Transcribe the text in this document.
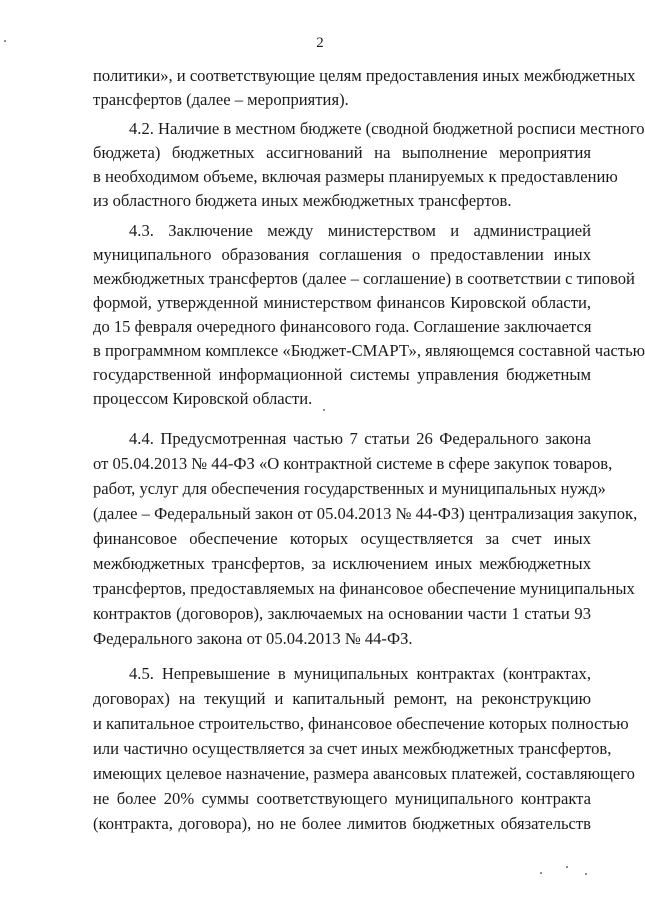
2
политики», и соответствующие целям предоставления иных межбюджетных
трансфертов (далее – мероприятия).
4.2. Наличие в местном бюджете (сводной бюджетной росписи местного
бюджета) бюджетных ассигнований на выполнение мероприятия
в необходимом объеме, включая размеры планируемых к предоставлению
из областного бюджета иных межбюджетных трансфертов.
4.3. Заключение между министерством и администрацией
муниципального образования соглашения о предоставлении иных
межбюджетных трансфертов (далее – соглашение) в соответствии с типовой
формой, утвержденной министерством финансов Кировской области,
до 15 февраля очередного финансового года. Соглашение заключается
в программном комплексе «Бюджет-СМАРТ», являющемся составной частью
государственной информационной системы управления бюджетным
процессом Кировской области.
4.4. Предусмотренная частью 7 статьи 26 Федерального закона
от 05.04.2013 № 44-ФЗ «О контрактной системе в сфере закупок товаров,
работ, услуг для обеспечения государственных и муниципальных нужд»
(далее – Федеральный закон от 05.04.2013 № 44-ФЗ) централизация закупок,
финансовое обеспечение которых осуществляется за счет иных
межбюджетных трансфертов, за исключением иных межбюджетных
трансфертов, предоставляемых на финансовое обеспечение муниципальных
контрактов (договоров), заключаемых на основании части 1 статьи 93
Федерального закона от 05.04.2013 № 44-ФЗ.
4.5. Непревышение в муниципальных контрактах (контрактах,
договорах) на текущий и капитальный ремонт, на реконструкцию
и капитальное строительство, финансовое обеспечение которых полностью
или частично осуществляется за счет иных межбюджетных трансфертов,
имеющих целевое назначение, размера авансовых платежей, составляющего
не более 20% суммы соответствующего муниципального контракта
(контракта, договора), но не более лимитов бюджетных обязательств
